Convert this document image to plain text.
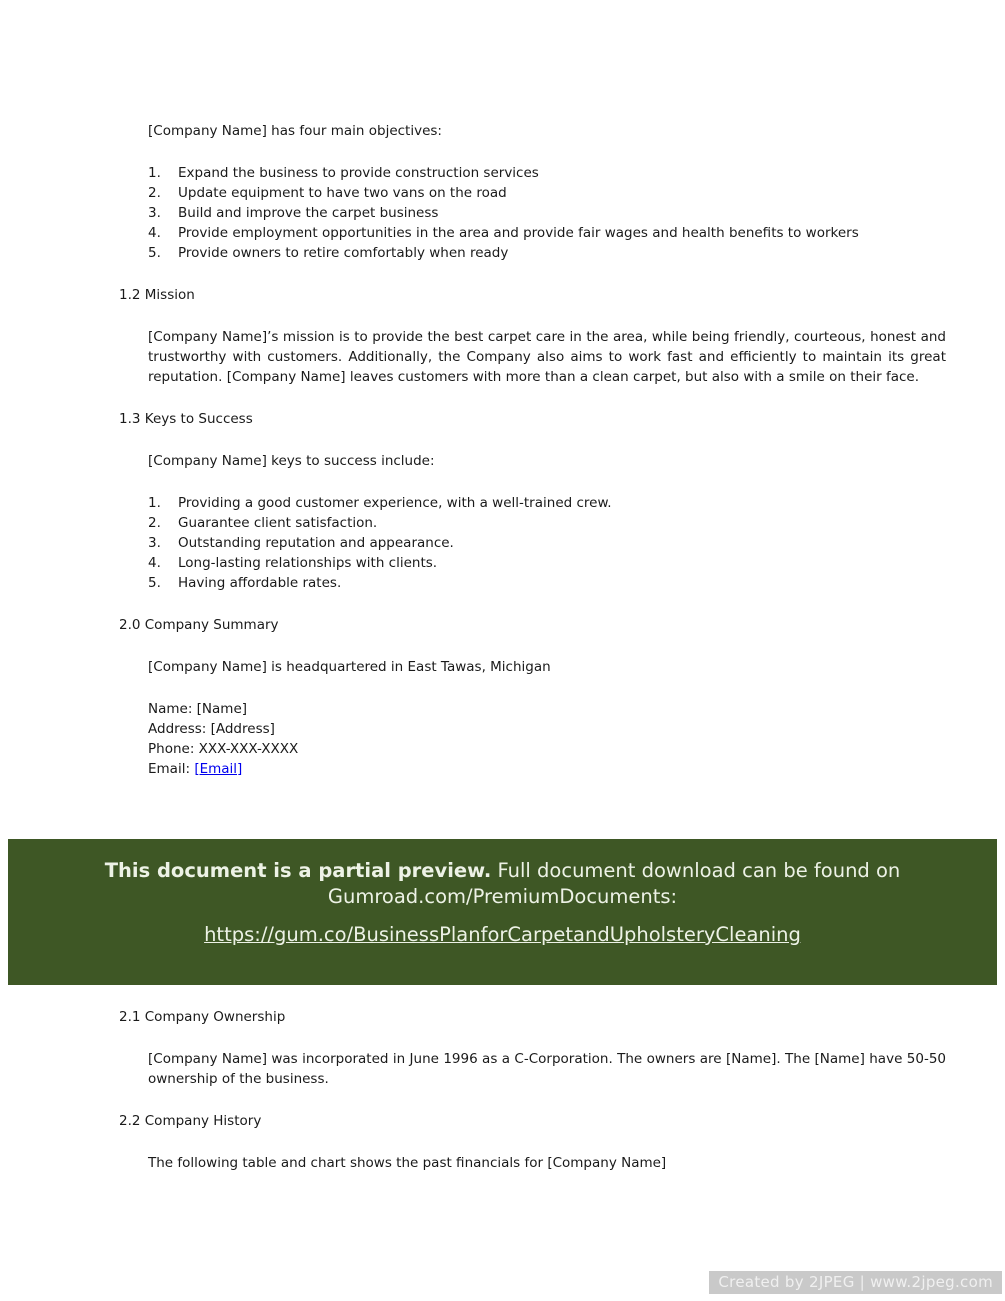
[Company Name] has four main objectives:

1.	Expand the business to provide construction services
2.	Update equipment to have two vans on the road
3.	Build and improve the carpet business
4.	Provide employment opportunities in the area and provide fair wages and health benefits to workers
5.	Provide owners to retire comfortably when ready

1.2 Mission

[Company Name]’s mission is to provide the best carpet care in the area, while being friendly, courteous, honest and trustworthy with customers. Additionally, the Company also aims to work fast and efficiently to maintain its great reputation. [Company Name] leaves customers with more than a clean carpet, but also with a smile on their face.

1.3 Keys to Success

[Company Name] keys to success include:

1.	Providing a good customer experience, with a well-trained crew.
2.	Guarantee client satisfaction.
3.	Outstanding reputation and appearance.
4.	Long-lasting relationships with clients.
5.	Having affordable rates.

2.0 Company Summary

[Company Name] is headquartered in East Tawas, Michigan

Name: [Name]
Address: [Address]
Phone: XXX-XXX-XXXX
Email: [Email]

This document is a partial preview. Full document download can be found on
Gumroad.com/PremiumDocuments:

https://gum.co/BusinessPlanforCarpetandUpholsteryCleaning

2.1 Company Ownership

[Company Name] was incorporated in June 1996 as a C-Corporation. The owners are [Name]. The [Name] have 50-50 ownership of the business.

2.2 Company History

The following table and chart shows the past financials for [Company Name]

Created by 2JPEG | www.2jpeg.com
